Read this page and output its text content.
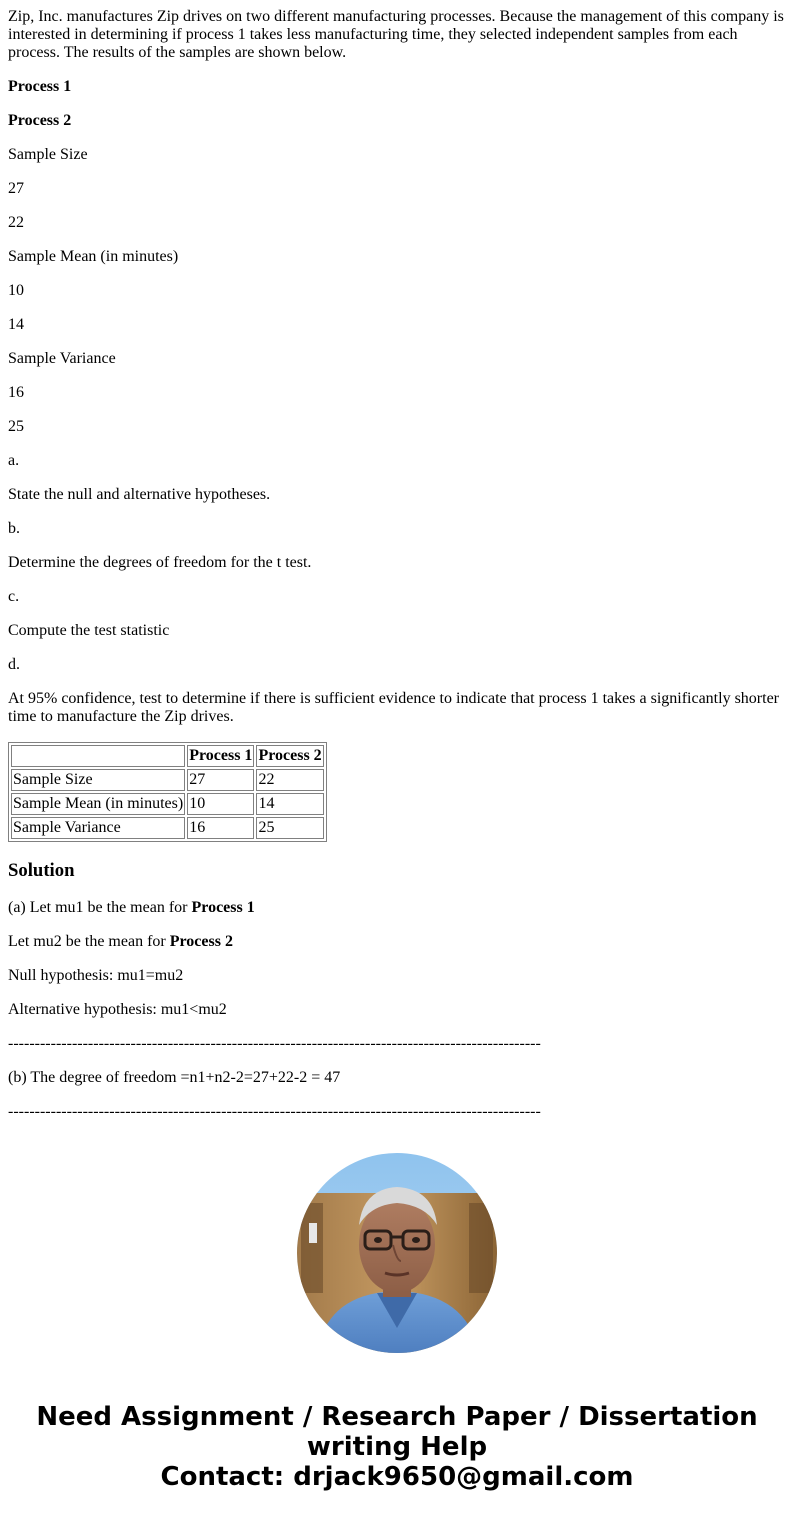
Zip, Inc. manufactures Zip drives on two different manufacturing processes. Because the management of this company is interested in determining if process 1 takes less manufacturing time, they selected independent samples from each process. The results of the samples are shown below.

Process 1

Process 2

Sample Size

27

22

Sample Mean (in minutes)

10

14

Sample Variance

16

25

a.

State the null and alternative hypotheses.

b.

Determine the degrees of freedom for the t test.

c.

Compute the test statistic

d.

At 95% confidence, test to determine if there is sufficient evidence to indicate that process 1 takes a significantly shorter time to manufacture the Zip drives.

	Process 1	Process 2
Sample Size	27	22
Sample Mean (in minutes)	10	14
Sample Variance	16	25
Solution

(a) Let mu1 be the mean for Process 1

Let mu2 be the mean for Process 2

Null hypothesis: mu1=mu2

Alternative hypothesis: mu1<mu2

----------------------------------------------------------------------------------------------------

(b) The degree of freedom =n1+n2-2=27+22-2 = 47

----------------------------------------------------------------------------------------------------

Need Assignment / Research Paper / Dissertation
writing Help
Contact: drjack9650@gmail.com
